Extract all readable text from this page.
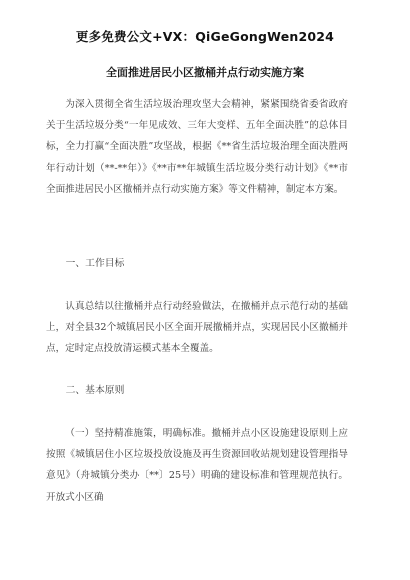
更多免费公文+VX：QiGeGongWen2024
全面推进居民小区撤桶并点行动实施方案

为深入贯彻全省生活垃圾治理攻坚大会精神，紧紧围绕省委省政府关于生活垃圾分类“一年见成效、三年大变样、五年全面决胜”的总体目标，全力打赢“全面决胜”攻坚战，根据《**省生活垃圾治理全面决胜两年行动计划（**-**年）》《**市**年城镇生活垃圾分类行动计划》《**市全面推进居民小区撤桶并点行动实施方案》等文件精神，制定本方案。

一、工作目标

认真总结以往撤桶并点行动经验做法，在撤桶并点示范行动的基础上，对全县32个城镇居民小区全面开展撤桶并点，实现居民小区撤桶并点，定时定点投放清运模式基本全覆盖。

二、基本原则

（一）坚持精准施策，明确标准。撤桶并点小区设施建设原则上应按照《城镇居住小区垃圾投放设施及再生资源回收站规划建设管理指导意见》（舟城镇分类办〔**〕25号）明确的建设标准和管理规范执行。开放式小区确
